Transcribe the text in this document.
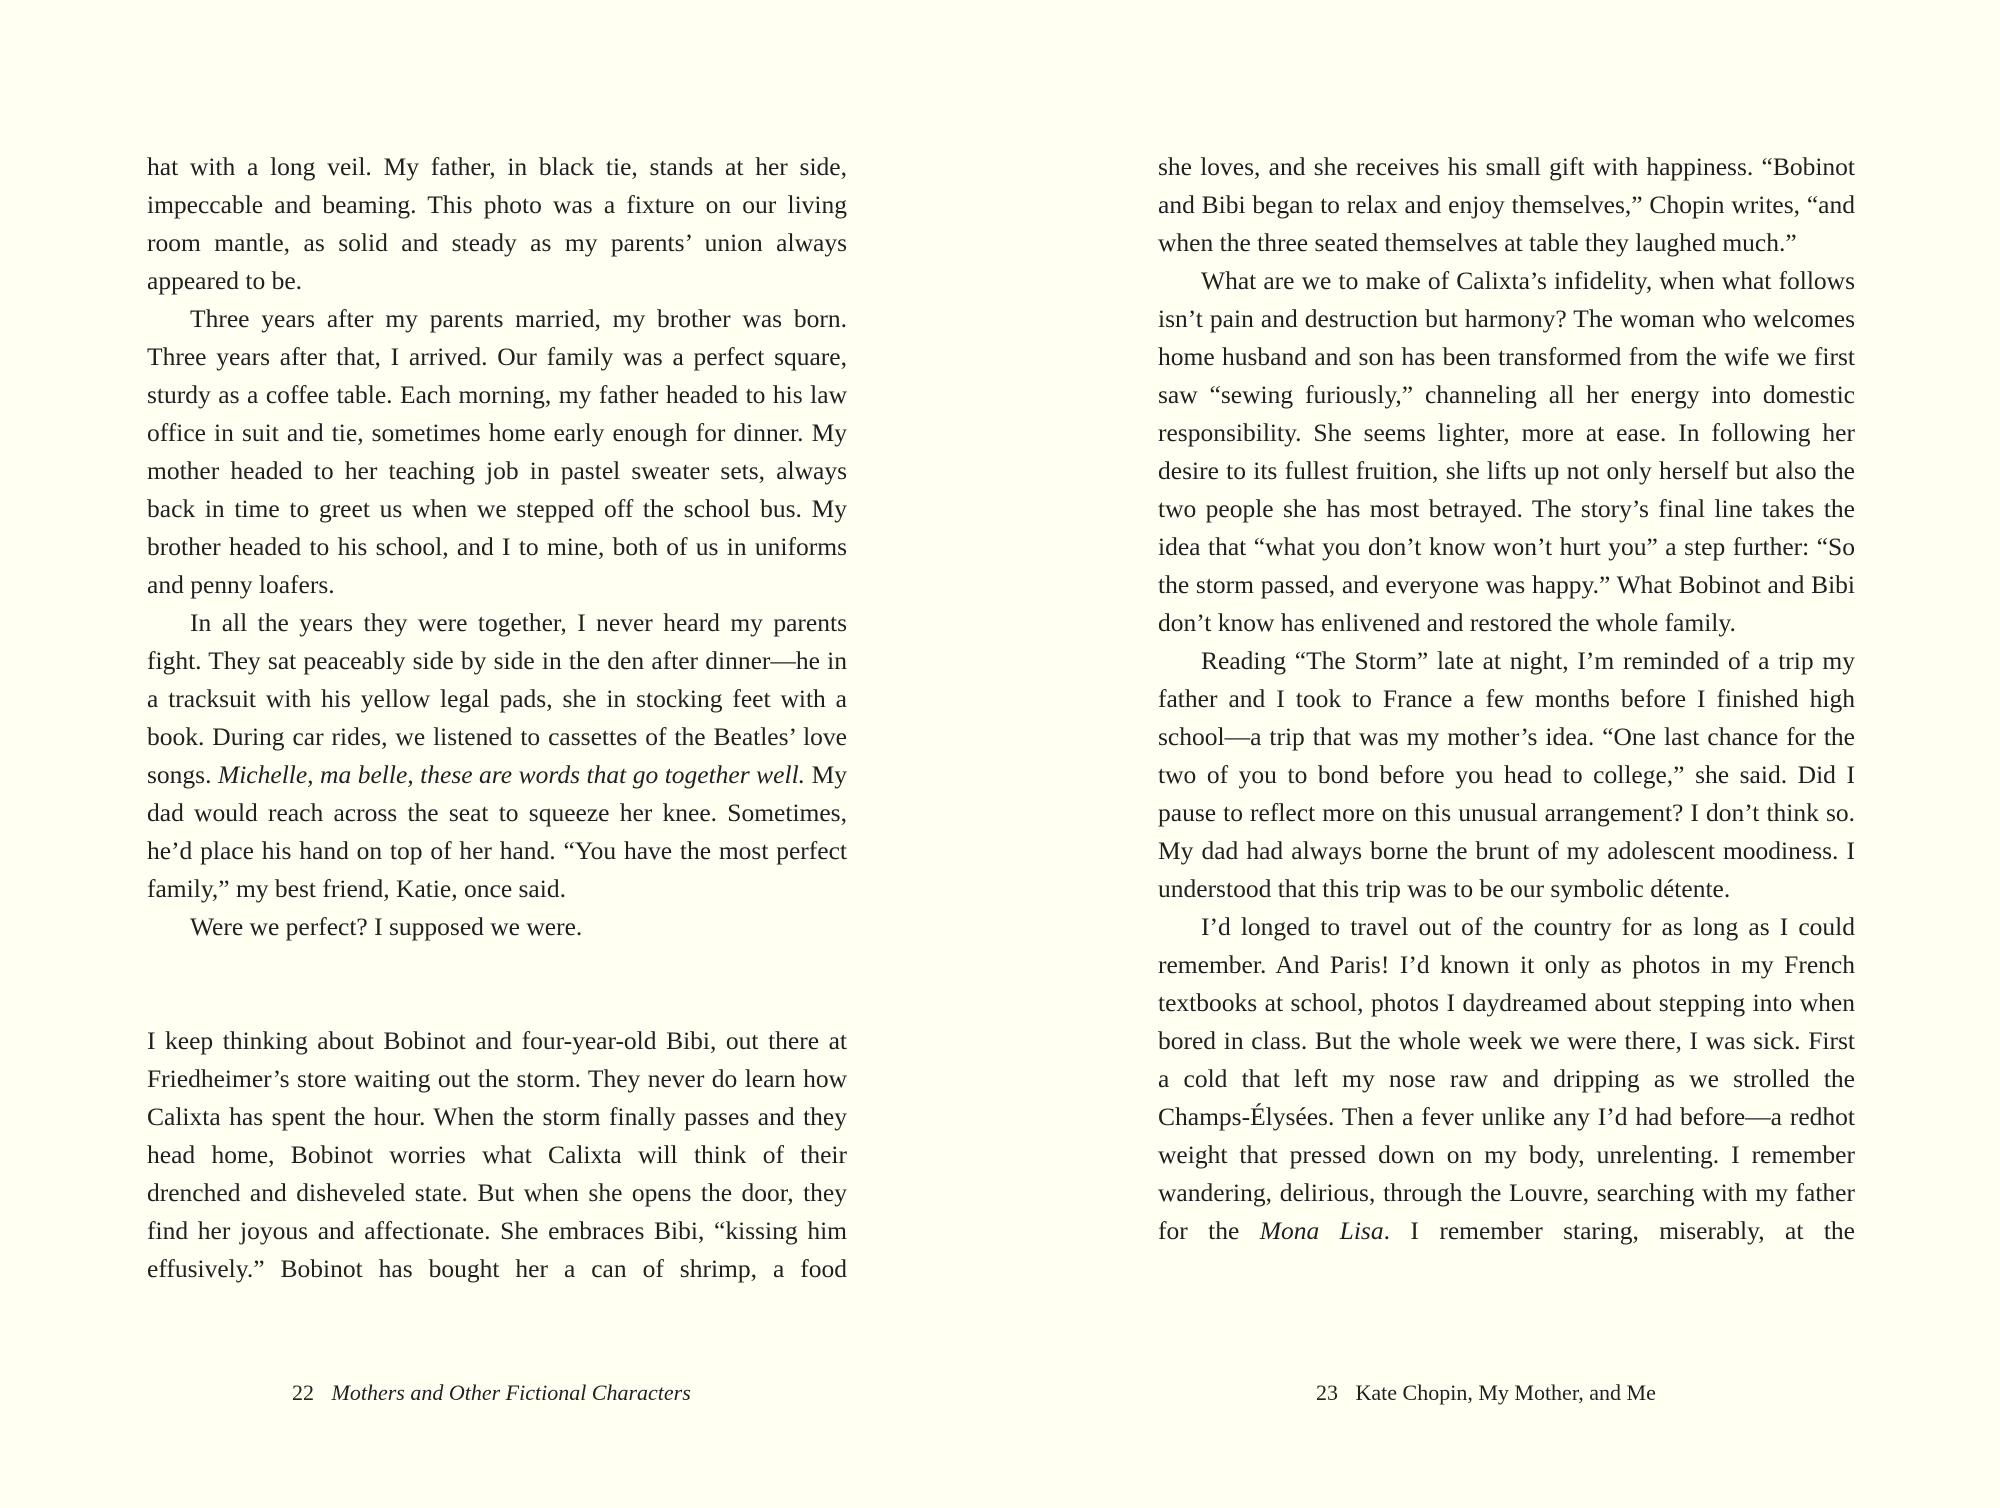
hat with a long veil. My father, in black tie, stands at her side, impeccable and beaming. This photo was a fixture on our living room mantle, as solid and steady as my parents’ union always appeared to be.

Three years after my parents married, my brother was born. Three years after that, I arrived. Our family was a perfect square, sturdy as a coffee table. Each morning, my father headed to his law office in suit and tie, sometimes home early enough for dinner. My mother headed to her teaching job in pastel sweater sets, always back in time to greet us when we stepped off the school bus. My brother headed to his school, and I to mine, both of us in uniforms and penny loafers.

In all the years they were together, I never heard my parents fight. They sat peaceably side by side in the den after dinner—he in a tracksuit with his yellow legal pads, she in stocking feet with a book. During car rides, we listened to cassettes of the Beatles’ love songs. Michelle, ma belle, these are words that go together well. My dad would reach across the seat to squeeze her knee. Sometimes, he’d place his hand on top of her hand. “You have the most perfect family,” my best friend, Katie, once said.

Were we perfect? I supposed we were.

I keep thinking about Bobinot and four-year-old Bibi, out there at Friedheimer’s store waiting out the storm. They never do learn how Calixta has spent the hour. When the storm finally passes and they head home, Bobinot worries what Calixta will think of their drenched and disheveled state. But when she opens the door, they find her joyous and affectionate. She embraces Bibi, “kissing him effusively.” Bobinot has bought her a can of shrimp, a food

22 Mothers and Other Fictional Characters

she loves, and she receives his small gift with happiness. “Bobinot and Bibi began to relax and enjoy themselves,” Chopin writes, “and when the three seated themselves at table they laughed much.”

What are we to make of Calixta’s infidelity, when what follows isn’t pain and destruction but harmony? The woman who welcomes home husband and son has been transformed from the wife we first saw “sewing furiously,” channeling all her energy into domestic responsibility. She seems lighter, more at ease. In following her desire to its fullest fruition, she lifts up not only herself but also the two people she has most betrayed. The story’s final line takes the idea that “what you don’t know won’t hurt you” a step further: “So the storm passed, and everyone was happy.” What Bobinot and Bibi don’t know has enlivened and restored the whole family.

Reading “The Storm” late at night, I’m reminded of a trip my father and I took to France a few months before I finished high school—a trip that was my mother’s idea. “One last chance for the two of you to bond before you head to college,” she said. Did I pause to reflect more on this unusual arrangement? I don’t think so. My dad had always borne the brunt of my adolescent moodiness. I understood that this trip was to be our symbolic détente.

I’d longed to travel out of the country for as long as I could remember. And Paris! I’d known it only as photos in my French textbooks at school, photos I daydreamed about stepping into when bored in class. But the whole week we were there, I was sick. First a cold that left my nose raw and dripping as we strolled the Champs-Élysées. Then a fever unlike any I’d had before—a redhot weight that pressed down on my body, unrelenting. I remember wandering, delirious, through the Louvre, searching with my father for the Mona Lisa. I remember staring, miserably, at the

23 Kate Chopin, My Mother, and Me
